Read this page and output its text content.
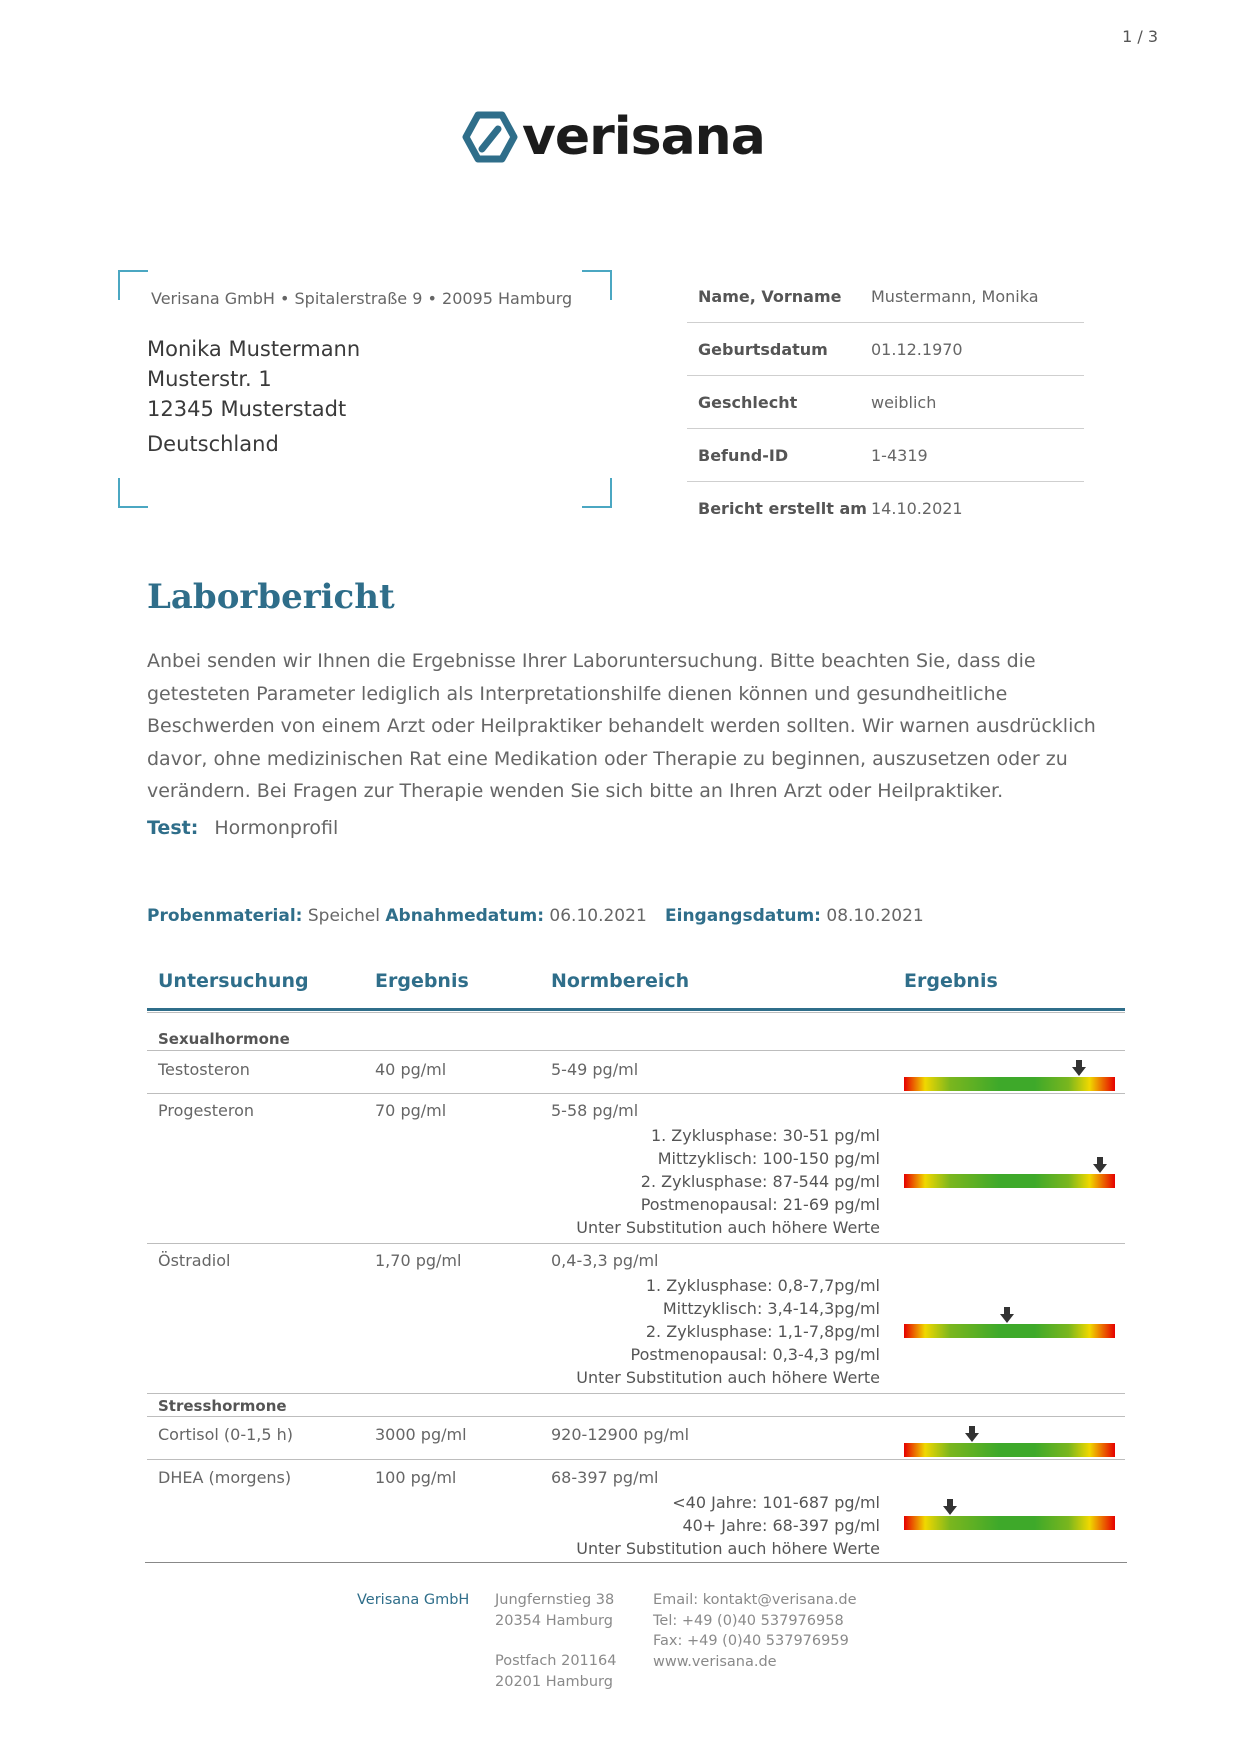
1 / 3
verisana
Verisana GmbH • Spitalerstraße 9 • 20095 Hamburg
Monika Mustermann
Musterstr. 1
12345 Musterstadt
Deutschland
Name, Vorname	Mustermann, Monika
Geburtsdatum	01.12.1970
Geschlecht	weiblich
Befund-ID	1-4319
Bericht erstellt am 14.10.2021
Laborbericht
Anbei senden wir Ihnen die Ergebnisse Ihrer Laboruntersuchung. Bitte beachten Sie, dass die getesteten Parameter lediglich als Interpretationshilfe dienen können und gesundheitliche Beschwerden von einem Arzt oder Heilpraktiker behandelt werden sollten. Wir warnen ausdrücklich davor, ohne medizinischen Rat eine Medikation oder Therapie zu beginnen, auszusetzen oder zu verändern. Bei Fragen zur Therapie wenden Sie sich bitte an Ihren Arzt oder Heilpraktiker.
Test: Hormonprofil
Probenmaterial: Speichel Abnahmedatum: 06.10.2021 Eingangsdatum: 08.10.2021
Untersuchung	Ergebnis	Normbereich	Ergebnis
Sexualhormone
Testosteron	40 pg/ml	5-49 pg/ml
Progesteron	70 pg/ml	5-58 pg/ml
1. Zyklusphase: 30-51 pg/ml
Mittzyklisch: 100-150 pg/ml
2. Zyklusphase: 87-544 pg/ml
Postmenopausal: 21-69 pg/ml
Unter Substitution auch höhere Werte
Östradiol	1,70 pg/ml	0,4-3,3 pg/ml
1. Zyklusphase: 0,8-7,7pg/ml
Mittzyklisch: 3,4-14,3pg/ml
2. Zyklusphase: 1,1-7,8pg/ml
Postmenopausal: 0,3-4,3 pg/ml
Unter Substitution auch höhere Werte
Stresshormone
Cortisol (0-1,5 h)	3000 pg/ml	920-12900 pg/ml
DHEA (morgens)	100 pg/ml	68-397 pg/ml
<40 Jahre: 101-687 pg/ml
40+ Jahre: 68-397 pg/ml
Unter Substitution auch höhere Werte
Verisana GmbH Jungfernstieg 38
20354 Hamburg
Postfach 201164
20201 Hamburg
Email: kontakt@verisana.de
Tel: +49 (0)40 537976958
Fax: +49 (0)40 537976959
www.verisana.de
